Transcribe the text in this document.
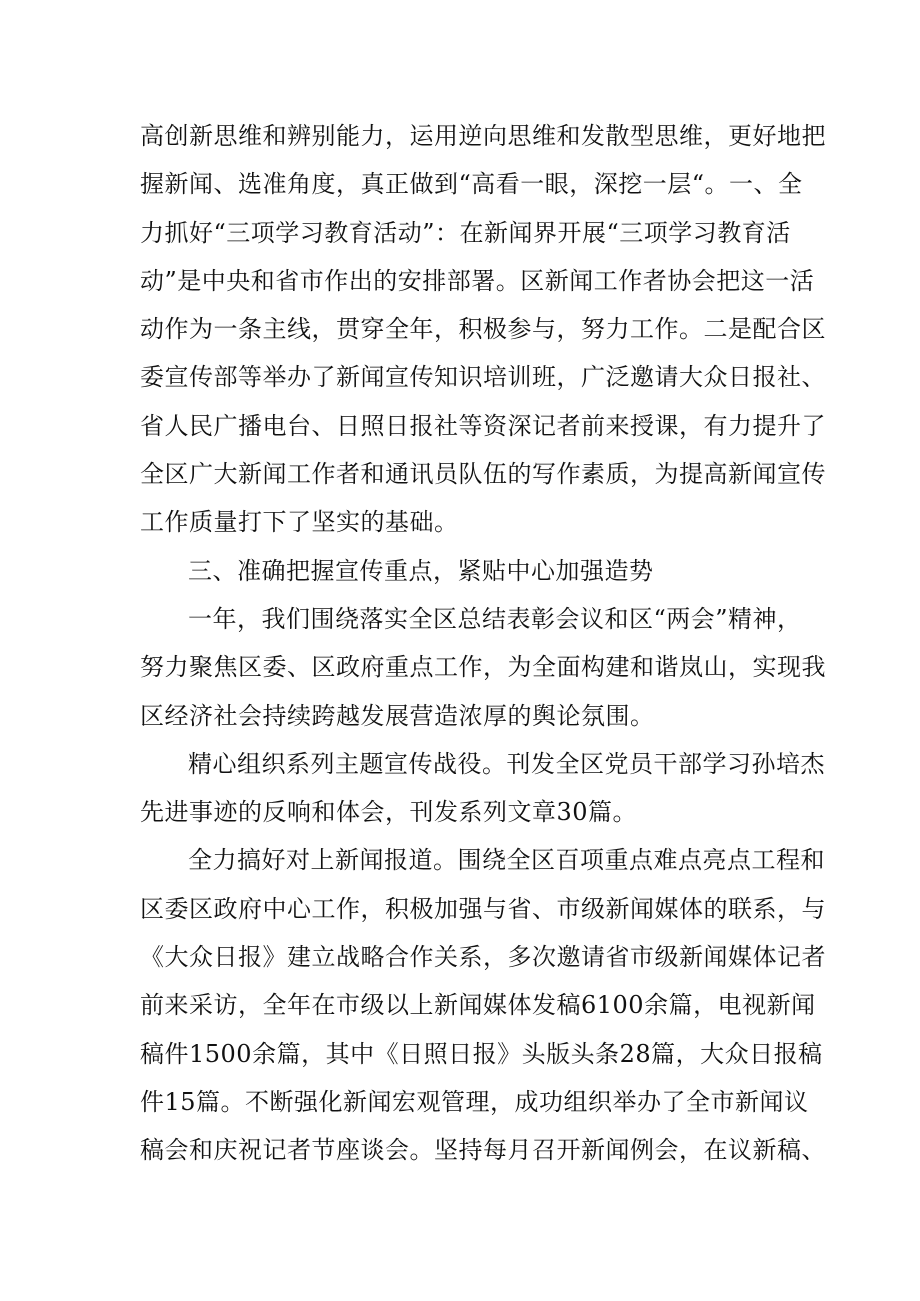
高创新思维和辨别能力，运用逆向思维和发散型思维，更好地把
握新闻、选准角度，真正做到“高看一眼，深挖一层“。一、全
力抓好“三项学习教育活动”：在新闻界开展“三项学习教育活
动”是中央和省市作出的安排部署。区新闻工作者协会把这一活
动作为一条主线，贯穿全年，积极参与，努力工作。二是配合区
委宣传部等举办了新闻宣传知识培训班，广泛邀请大众日报社、
省人民广播电台、日照日报社等资深记者前来授课，有力提升了
全区广大新闻工作者和通讯员队伍的写作素质，为提高新闻宣传
工作质量打下了坚实的基础。
三、准确把握宣传重点，紧贴中心加强造势
一年，我们围绕落实全区总结表彰会议和区“两会”精神，
努力聚焦区委、区政府重点工作，为全面构建和谐岚山，实现我
区经济社会持续跨越发展营造浓厚的舆论氛围。
精心组织系列主题宣传战役。刊发全区党员干部学习孙培杰
先进事迹的反响和体会，刊发系列文章30篇。
全力搞好对上新闻报道。围绕全区百项重点难点亮点工程和
区委区政府中心工作，积极加强与省、市级新闻媒体的联系，与
《大众日报》建立战略合作关系，多次邀请省市级新闻媒体记者
前来采访，全年在市级以上新闻媒体发稿6100余篇，电视新闻
稿件1500余篇，其中《日照日报》头版头条28篇，大众日报稿
件15篇。不断强化新闻宏观管理，成功组织举办了全市新闻议
稿会和庆祝记者节座谈会。坚持每月召开新闻例会，在议新稿、
